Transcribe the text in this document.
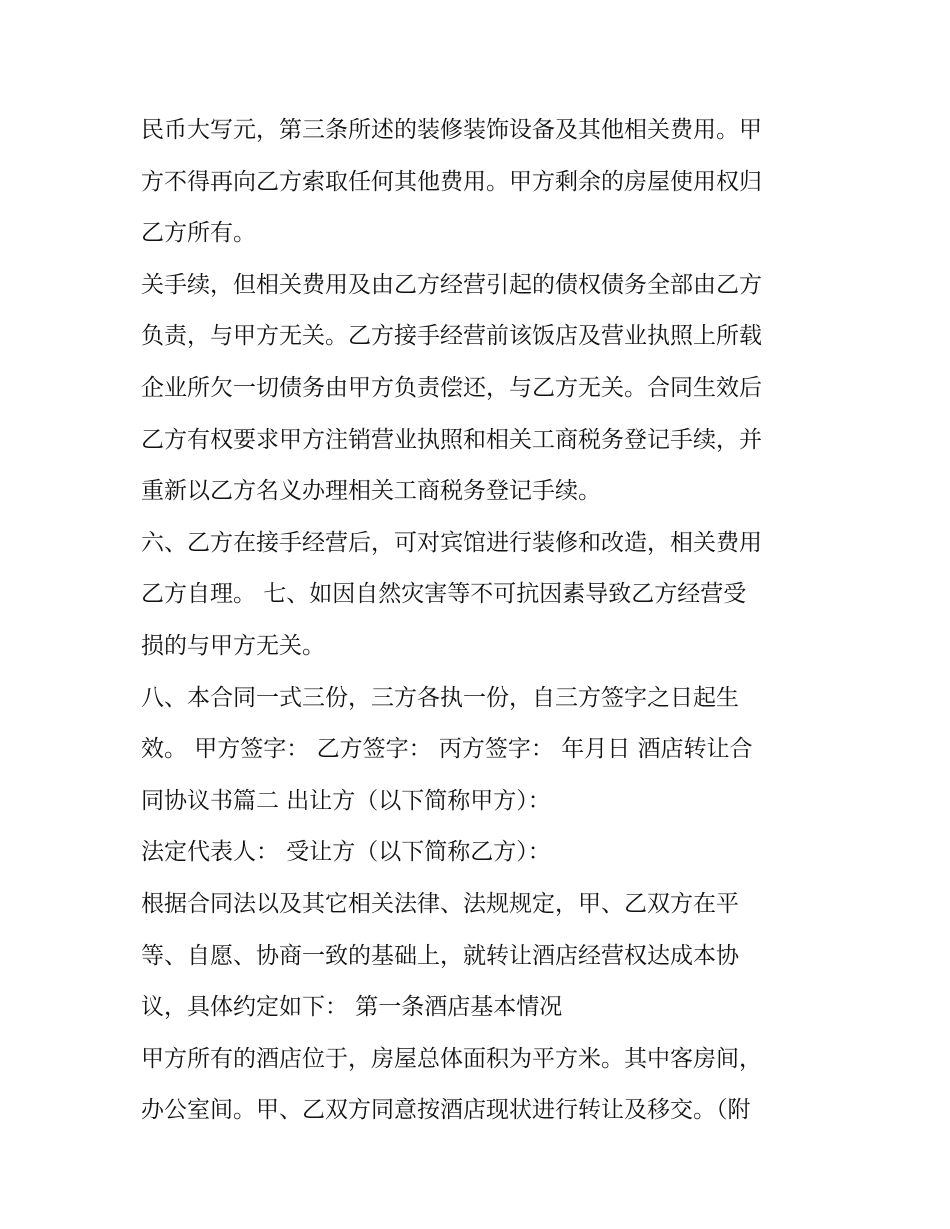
民币大写元，第三条所述的装修装饰设备及其他相关费用。甲
方不得再向乙方索取任何其他费用。甲方剩余的房屋使用权归
乙方所有。
关手续，但相关费用及由乙方经营引起的债权债务全部由乙方
负责，与甲方无关。乙方接手经营前该饭店及营业执照上所载
企业所欠一切债务由甲方负责偿还，与乙方无关。合同生效后
乙方有权要求甲方注销营业执照和相关工商税务登记手续，并
重新以乙方名义办理相关工商税务登记手续。
六、乙方在接手经营后，可对宾馆进行装修和改造，相关费用
乙方自理。 七、如因自然灾害等不可抗因素导致乙方经营受
损的与甲方无关。
八、本合同一式三份，三方各执一份，自三方签字之日起生
效。 甲方签字： 乙方签字： 丙方签字： 年月日 酒店转让合
同协议书篇二 出让方（以下简称甲方）：
法定代表人： 受让方（以下简称乙方）：
根据合同法以及其它相关法律、法规规定，甲、乙双方在平
等、自愿、协商一致的基础上，就转让酒店经营权达成本协
议，具体约定如下： 第一条酒店基本情况
甲方所有的酒店位于，房屋总体面积为平方米。其中客房间，
办公室间。甲、乙双方同意按酒店现状进行转让及移交。（附
